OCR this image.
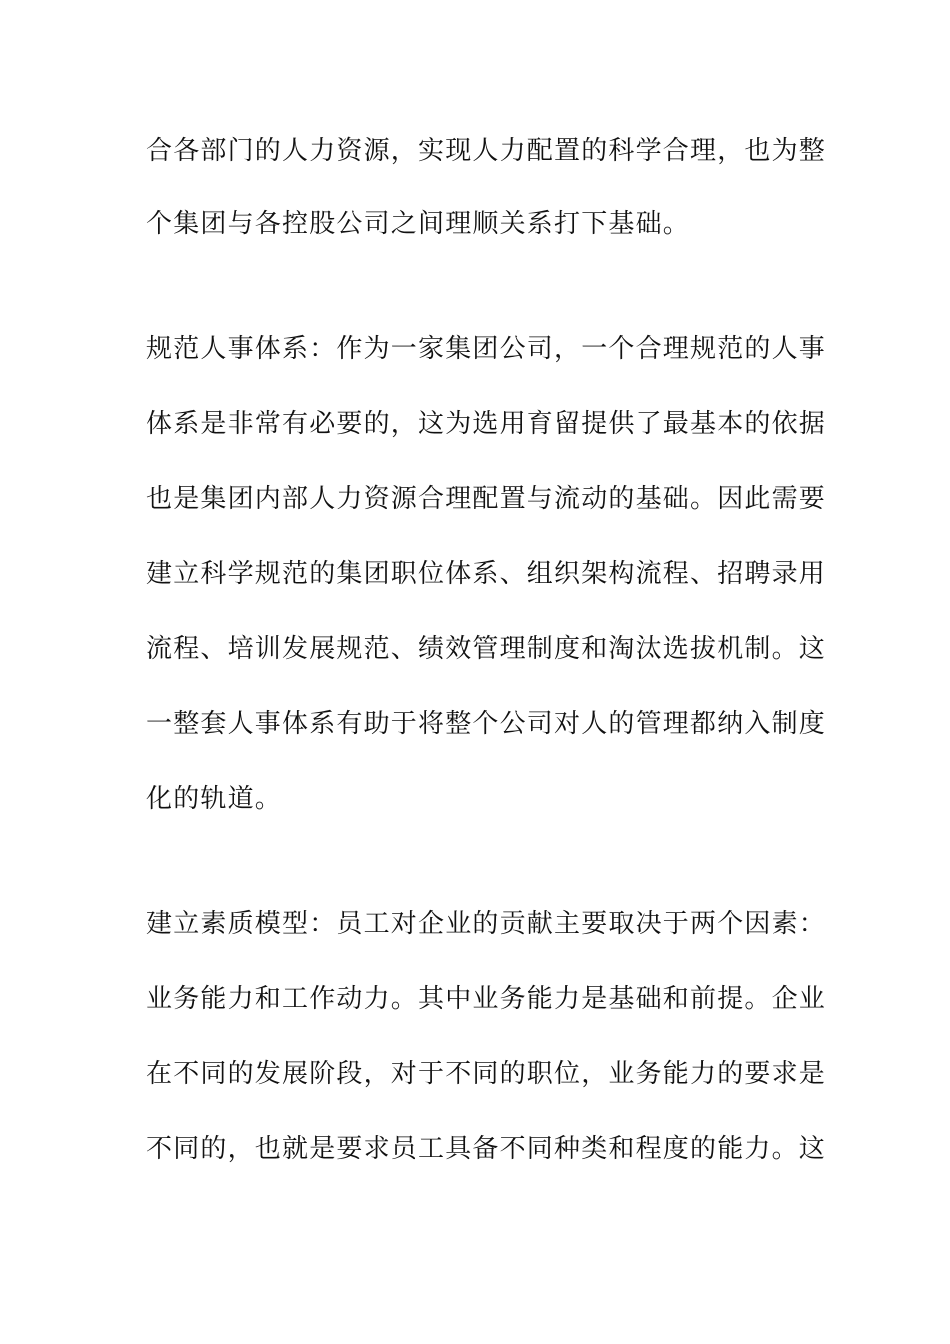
合各部门的人力资源，实现人力配置的科学合理，也为整
个集团与各控股公司之间理顺关系打下基础。
规范人事体系：作为一家集团公司，一个合理规范的人事
体系是非常有必要的，这为选用育留提供了最基本的依据
也是集团内部人力资源合理配置与流动的基础。因此需要
建立科学规范的集团职位体系、组织架构流程、招聘录用
流程、培训发展规范、绩效管理制度和淘汰选拔机制。这
一整套人事体系有助于将整个公司对人的管理都纳入制度
化的轨道。
建立素质模型：员工对企业的贡献主要取决于两个因素：
业务能力和工作动力。其中业务能力是基础和前提。企业
在不同的发展阶段，对于不同的职位，业务能力的要求是
不同的，也就是要求员工具备不同种类和程度的能力。这
